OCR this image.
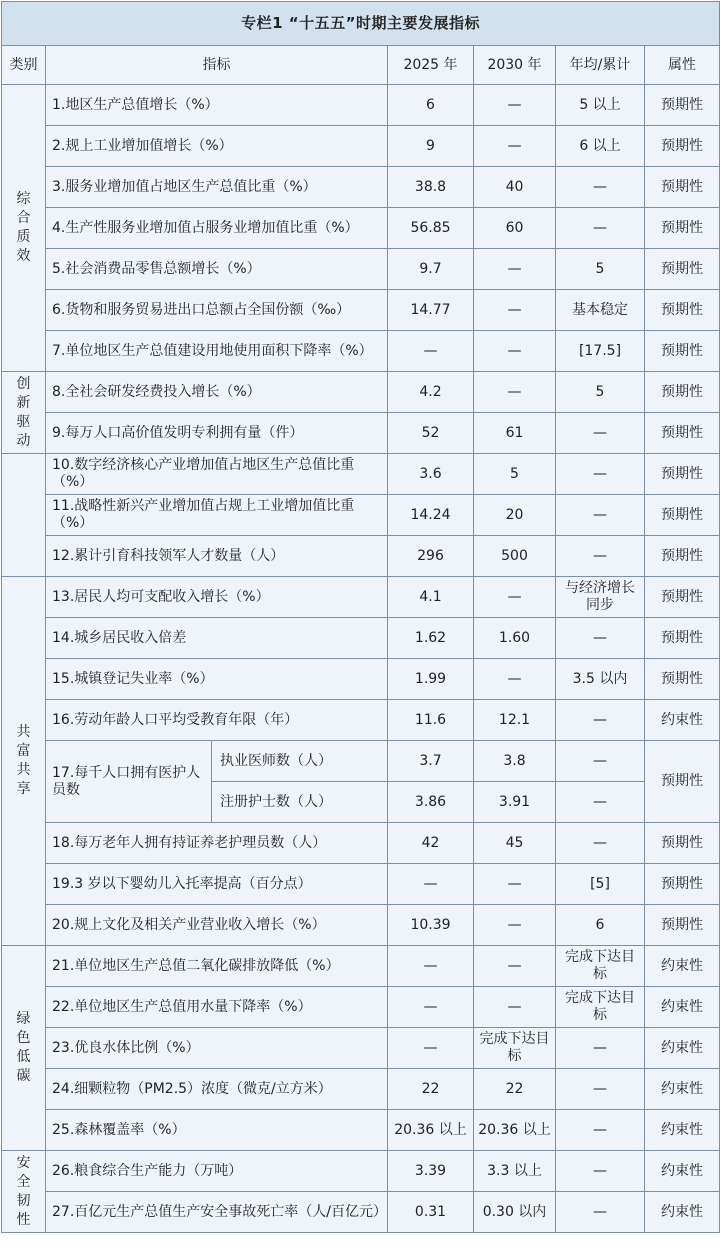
专栏1 “十五五”时期主要发展指标						
类别	指标		2025 年	2030 年	年均/累计	属性
综合质效	1.地区生产总值增长（%）		6	—	5 以上	预期性
	2.规上工业增加值增长（%）		9	—	6 以上	预期性
	3.服务业增加值占地区生产总值比重（%）		38.8	40	—	预期性
	4.生产性服务业增加值占服务业增加值比重（%）		56.85	60	—	预期性
	5.社会消费品零售总额增长（%）		9.7	—	5	预期性
	6.货物和服务贸易进出口总额占全国份额（‰）		14.77	—	基本稳定	预期性
	7.单位地区生产总值建设用地使用面积下降率（%）		—	—	[17.5]	预期性
创新驱动	8.全社会研发经费投入增长（%）		4.2	—	5	预期性
	9.每万人口高价值发明专利拥有量（件）		52	61	—	预期性
	10.数字经济核心产业增加值占地区生产总值比重（%）		3.6	5	—	预期性
	11.战略性新兴产业增加值占规上工业增加值比重（%）		14.24	20	—	预期性
	12.累计引育科技领军人才数量（人）		296	500	—	预期性
共富共享	13.居民人均可支配收入增长（%）		4.1	—	与经济增长同步	预期性
	14.城乡居民收入倍差		1.62	1.60	—	预期性
	15.城镇登记失业率（%）		1.99	—	3.5 以内	预期性
	16.劳动年龄人口平均受教育年限（年）		11.6	12.1	—	约束性
	17.每千人口拥有医护人员数	执业医师数（人）	3.7	3.8	—	预期性
		注册护士数（人）	3.86	3.91	—	
	18.每万老年人拥有持证养老护理员数（人）		42	45	—	预期性
	19.3 岁以下婴幼儿入托率提高（百分点）		—	—	[5]	预期性
	20.规上文化及相关产业营业收入增长（%）		10.39	—	6	预期性
绿色低碳	21.单位地区生产总值二氧化碳排放降低（%）		—	—	完成下达目标	约束性
	22.单位地区生产总值用水量下降率（%）		—	—	完成下达目标	约束性
	23.优良水体比例（%）		—	完成下达目标	—	约束性
	24.细颗粒物（PM2.5）浓度（微克/立方米）		22	22	—	约束性
	25.森林覆盖率（%）		20.36 以上	20.36 以上	—	约束性
安全韧性	26.粮食综合生产能力（万吨）		3.39	3.3 以上	—	约束性
	27.百亿元生产总值生产安全事故死亡率（人/百亿元）		0.31	0.30 以内	—	约束性
